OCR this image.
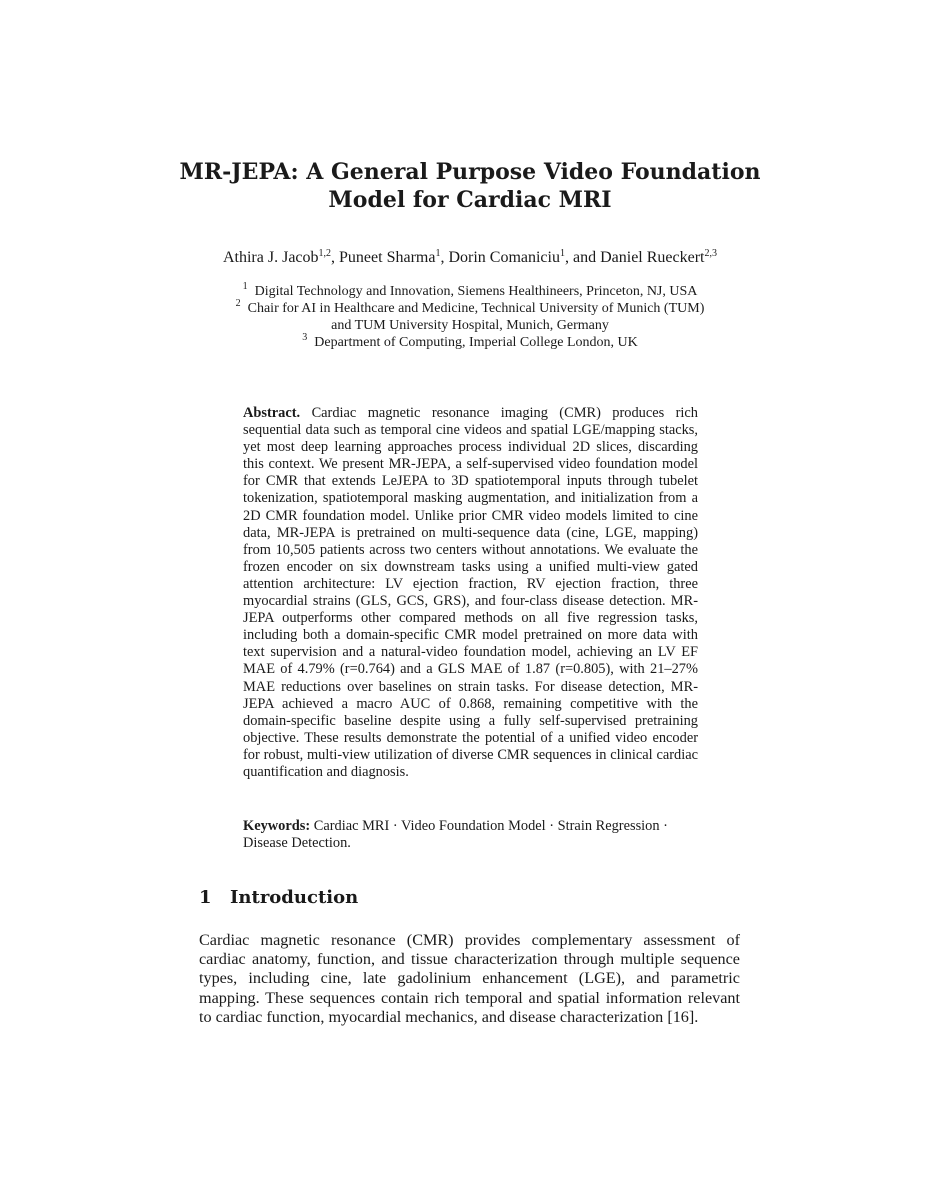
MR-JEPA: A General Purpose Video Foundation
Model for Cardiac MRI
Athira J. Jacob$^{1,2}$, Puneet Sharma$^1$, Dorin Comaniciu$^1$, and Daniel Rueckert$^{2,3}$
$^1$ Digital Technology and Innovation, Siemens Healthineers, Princeton, NJ, USA
$^2$ Chair for AI in Healthcare and Medicine, Technical University of Munich (TUM)
and TUM University Hospital, Munich, Germany
$^3$ Department of Computing, Imperial College London, UK
Abstract. Cardiac magnetic resonance imaging (CMR) produces rich sequential data such as temporal cine videos and spatial LGE/mapping stacks, yet most deep learning approaches process individual 2D slices, discarding this context. We present MR-JEPA, a self-supervised video foundation model for CMR that extends LeJEPA to 3D spatiotemporal inputs through tubelet tokenization, spatiotemporal masking augmentation, and initialization from a 2D CMR foundation model. Unlike prior CMR video models limited to cine data, MR-JEPA is pretrained on multi-sequence data (cine, LGE, mapping) from 10,505 patients across two centers without annotations. We evaluate the frozen encoder on six downstream tasks using a unified multi-view gated attention architecture: LV ejection fraction, RV ejection fraction, three myocardial strains (GLS, GCS, GRS), and four-class disease detection. MR-JEPA outperforms other compared methods on all five regression tasks, including both a domain-specific CMR model pretrained on more data with text supervision and a natural-video foundation model, achieving an LV EF MAE of 4.79% (r=0.764) and a GLS MAE of 1.87 (r=0.805), with 21–27% MAE reductions over baselines on strain tasks. For disease detection, MR-JEPA achieved a macro AUC of 0.868, remaining competitive with the domain-specific baseline despite using a fully self-supervised pretraining objective. These results demonstrate the potential of a unified video encoder for robust, multi-view utilization of diverse CMR sequences in clinical cardiac quantification and diagnosis.
Keywords: Cardiac MRI · Video Foundation Model · Strain Regression · Disease Detection.
1 Introduction
Cardiac magnetic resonance (CMR) provides complementary assessment of cardiac anatomy, function, and tissue characterization through multiple sequence types, including cine, late gadolinium enhancement (LGE), and parametric mapping. These sequences contain rich temporal and spatial information relevant to cardiac function, myocardial mechanics, and disease characterization [16].
